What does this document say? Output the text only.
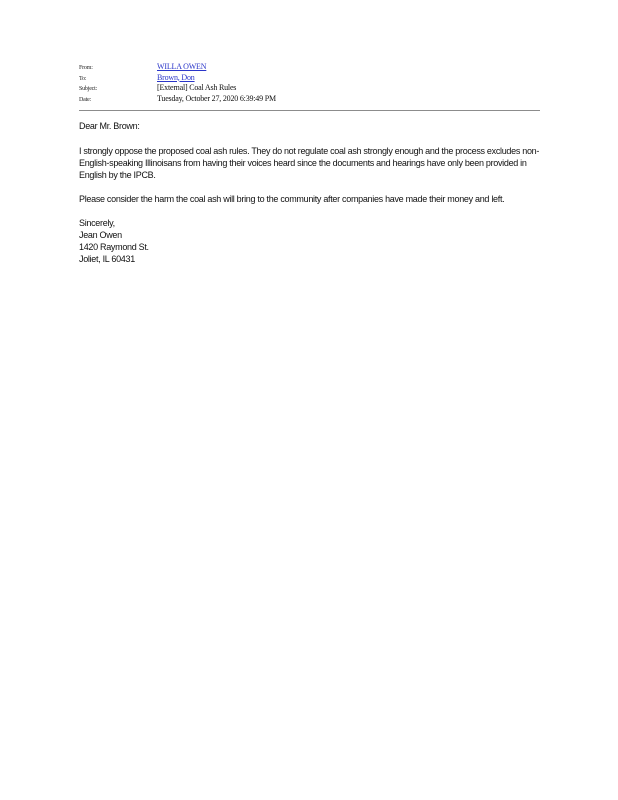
From:	WILLA OWEN
To:	Brown, Don
Subject:	[External] Coal Ash Rules
Date:	Tuesday, October 27, 2020 6:39:49 PM

Dear Mr. Brown:

I strongly oppose the proposed coal ash rules. They do not regulate coal ash strongly enough and the process excludes non-English-speaking Illinoisans from having their voices heard since the documents and hearings have only been provided in English by the IPCB.

Please consider the harm the coal ash will bring to the community after companies have made their money and left.

Sincerely,
Jean Owen
1420 Raymond St.
Joliet, IL 60431
